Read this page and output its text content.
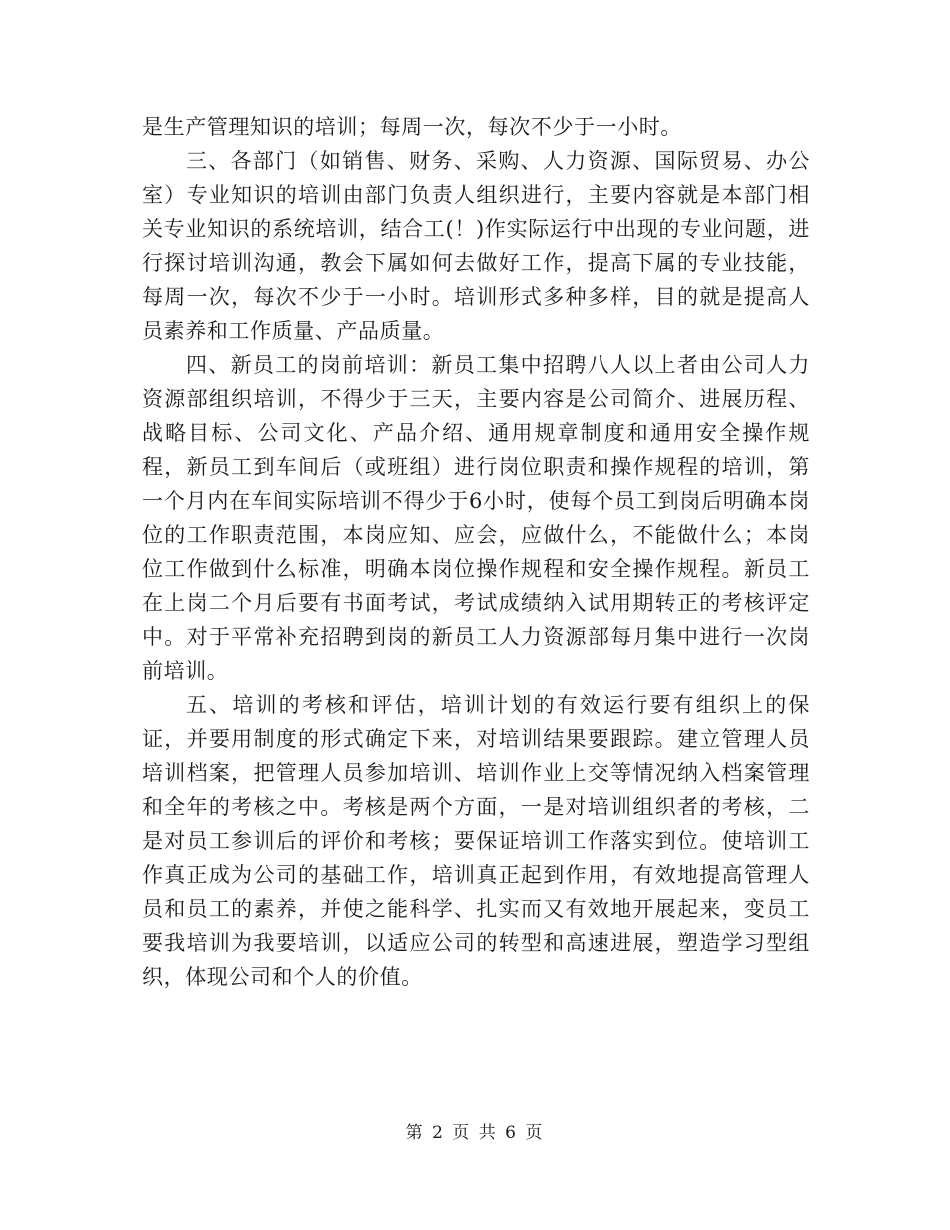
是生产管理知识的培训；每周一次，每次不少于一小时。

三、各部门（如销售、财务、采购、人力资源、国际贸易、办公室）专业知识的培训由部门负责人组织进行，主要内容就是本部门相关专业知识的系统培训，结合工(！)作实际运行中出现的专业问题，进行探讨培训沟通，教会下属如何去做好工作，提高下属的专业技能，每周一次，每次不少于一小时。培训形式多种多样，目的就是提高人员素养和工作质量、产品质量。

四、新员工的岗前培训：新员工集中招聘八人以上者由公司人力资源部组织培训，不得少于三天，主要内容是公司简介、进展历程、战略目标、公司文化、产品介绍、通用规章制度和通用安全操作规程，新员工到车间后（或班组）进行岗位职责和操作规程的培训，第一个月内在车间实际培训不得少于6小时，使每个员工到岗后明确本岗位的工作职责范围，本岗应知、应会，应做什么，不能做什么；本岗位工作做到什么标准，明确本岗位操作规程和安全操作规程。新员工在上岗二个月后要有书面考试，考试成绩纳入试用期转正的考核评定中。对于平常补充招聘到岗的新员工人力资源部每月集中进行一次岗前培训。

五、培训的考核和评估，培训计划的有效运行要有组织上的保证，并要用制度的形式确定下来，对培训结果要跟踪。建立管理人员培训档案，把管理人员参加培训、培训作业上交等情况纳入档案管理和全年的考核之中。考核是两个方面，一是对培训组织者的考核，二是对员工参训后的评价和考核；要保证培训工作落实到位。使培训工作真正成为公司的基础工作，培训真正起到作用，有效地提高管理人员和员工的素养，并使之能科学、扎实而又有效地开展起来，变员工要我培训为我要培训，以适应公司的转型和高速进展，塑造学习型组织，体现公司和个人的价值。

第 2 页 共 6 页
